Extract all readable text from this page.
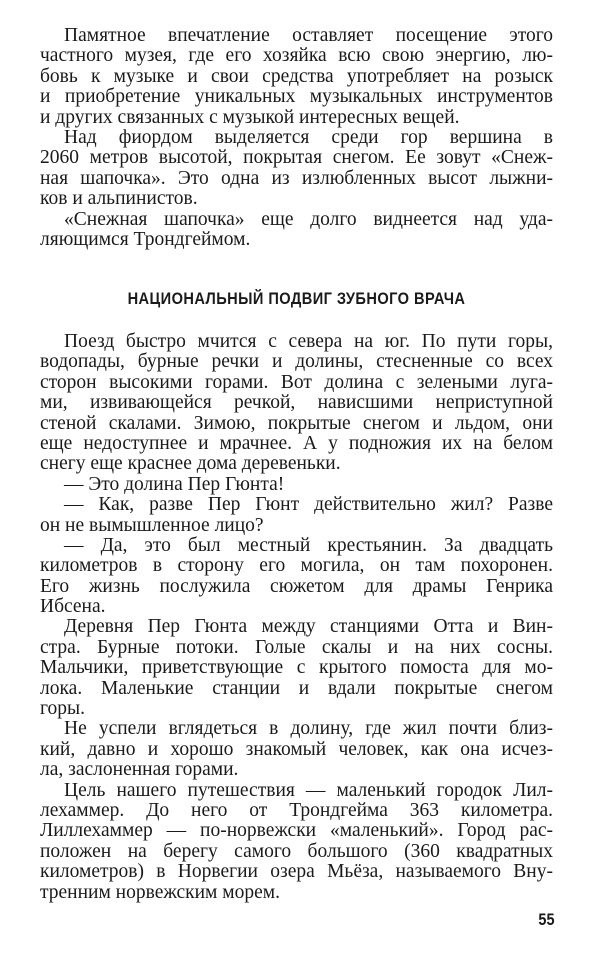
Памятное впечатление оставляет посещение этого
частного музея, где его хозяйка всю свою энергию, лю-
бовь к музыке и свои средства употребляет на розыск
и приобретение уникальных музыкальных инструментов
и других связанных с музыкой интересных вещей.
Над фиордом выделяется среди гор вершина в
2060 метров высотой, покрытая снегом. Ее зовут «Снеж-
ная шапочка». Это одна из излюбленных высот лыжни-
ков и альпинистов.
«Снежная шапочка» еще долго виднеется над уда-
ляющимся Трондгеймом.
НАЦИОНАЛЬНЫЙ ПОДВИГ ЗУБНОГО ВРАЧА
Поезд быстро мчится с севера на юг. По пути горы,
водопады, бурные речки и долины, стесненные со всех
сторон высокими горами. Вот долина с зелеными луга-
ми, извивающейся речкой, нависшими неприступной
стеной скалами. Зимою, покрытые снегом и льдом, они
еще недоступнее и мрачнее. А у подножия их на белом
снегу еще краснее дома деревеньки.
— Это долина Пер Гюнта!
— Как, разве Пер Гюнт действительно жил? Разве
он не вымышленное лицо?
— Да, это был местный крестьянин. За двадцать
километров в сторону его могила, он там похоронен.
Его жизнь послужила сюжетом для драмы Генрика
Ибсена.
Деревня Пер Гюнта между станциями Отта и Вин-
стра. Бурные потоки. Голые скалы и на них сосны.
Мальчики, приветствующие с крытого помоста для мо-
лока. Маленькие станции и вдали покрытые снегом
горы.
Не успели вглядеться в долину, где жил почти близ-
кий, давно и хорошо знакомый человек, как она исчез-
ла, заслоненная горами.
Цель нашего путешествия — маленький городок Лил-
лехаммер. До него от Трондгейма 363 километра.
Лиллехаммер — по-норвежски «маленький». Город рас-
положен на берегу самого большого (360 квадратных
километров) в Норвегии озера Мьёза, называемого Вну-
тренним норвежским морем.
55
